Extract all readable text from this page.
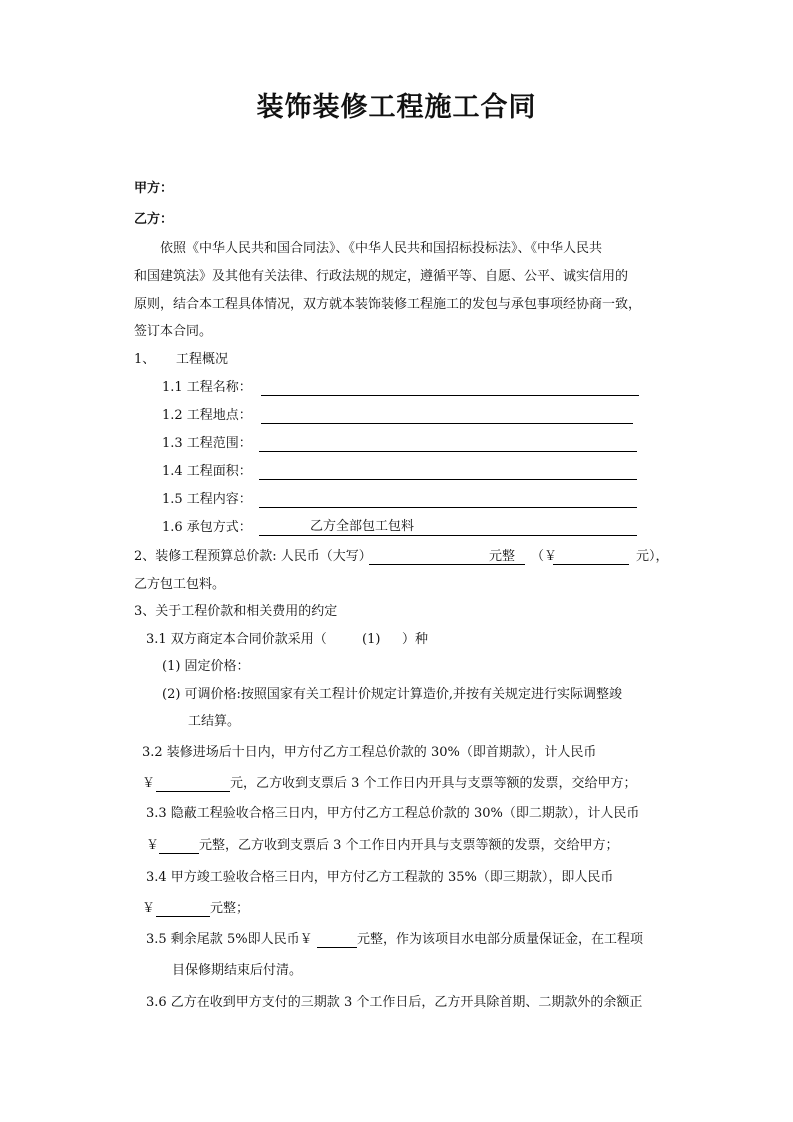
装饰装修工程施工合同
甲方：
乙方：
依照《中华人民共和国合同法》、《中华人民共和国招标投标法》、《中华人民共
和国建筑法》及其他有关法律、行政法规的规定，遵循平等、自愿、公平、诚实信用的
原则，结合本工程具体情况，双方就本装饰装修工程施工的发包与承包事项经协商一致，
签订本合同。
1、 工程概况
1.1 工程名称：
1.2 工程地点：
1.3 工程范围：
1.4 工程面积：
1.5 工程内容：
1.6 承包方式：	乙方全部包工包料
2、装修工程预算总价款: 人民币（大写）	元整 （￥	元），
乙方包工包料。
3、关于工程价款和相关费用的约定
3.1 双方商定本合同价款采用（	(1) ）种
(1) 固定价格：
(2) 可调价格:按照国家有关工程计价规定计算造价,并按有关规定进行实际调整竣
工结算。
3.2 装修进场后十日内，甲方付乙方工程总价款的 30%（即首期款），计人民币
￥	元，乙方收到支票后 3 个工作日内开具与支票等额的发票，交给甲方；
3.3 隐蔽工程验收合格三日内，甲方付乙方工程总价款的 30%（即二期款），计人民币
￥	元整，乙方收到支票后 3 个工作日内开具与支票等额的发票，交给甲方；
3.4 甲方竣工验收合格三日内，甲方付乙方工程款的 35%（即三期款），即人民币
￥	元整；
3.5 剩余尾款 5%即人民币￥	元整，作为该项目水电部分质量保证金，在工程项
目保修期结束后付清。
3.6 乙方在收到甲方支付的三期款 3 个工作日后，乙方开具除首期、二期款外的余额正
